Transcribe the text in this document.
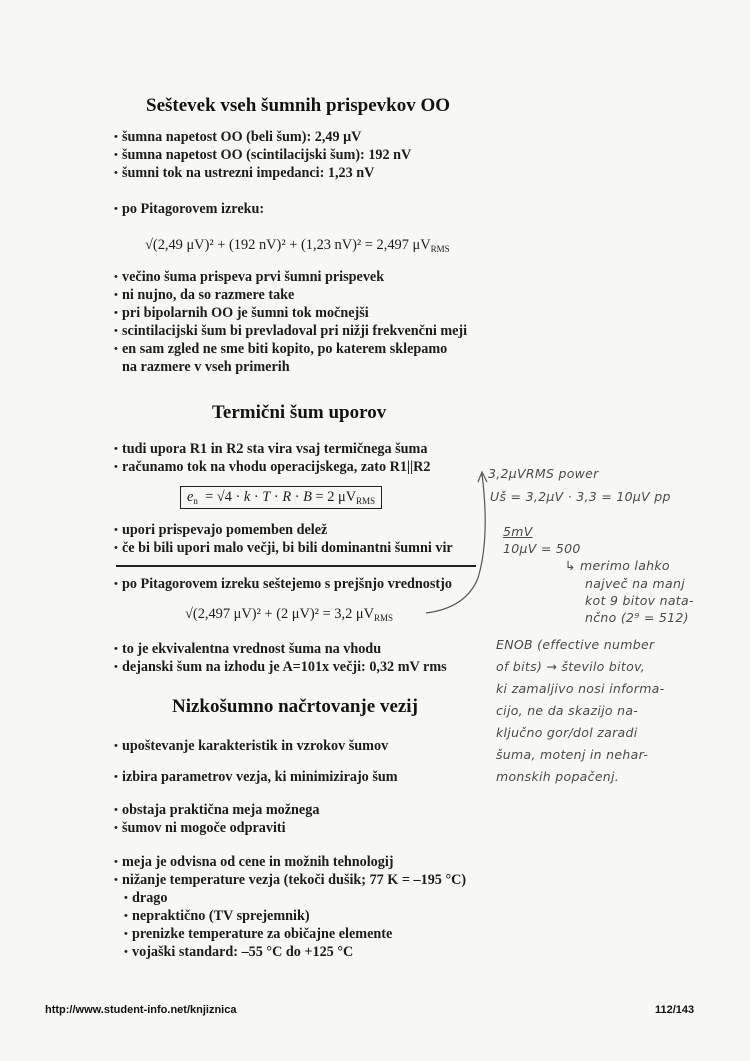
Seštevek vseh šumnih prispevkov OO
• šumna napetost OO (beli šum): 2,49 μV
• šumna napetost OO (scintilacijski šum): 192 nV
• šumni tok na ustrezni impedanci: 1,23 nV
• po Pitagorovem izreku:
√(2,49 μV)² + (192 nV)² + (1,23 nV)² = 2,497 $\mu V_{RMS}$
• večino šuma prispeva prvi šumni prispevek
• ni nujno, da so razmere take
• pri bipolarnih OO je šumni tok močnejši
• scintilacijski šum bi prevladoval pri nižji frekvenčni meji
• en sam zgled ne sme biti kopito, po katerem sklepamo
na razmere v vseh primerih
Termični šum uporov
• tudi upora R1 in R2 sta vira vsaj termičnega šuma
• računamo tok na vhodu operacijskega, zato R1||R2
$e_n = √4 \cdot k \cdot T \cdot R \cdot B = 2$ $\mu V_{RMS}$
• upori prispevajo pomemben delež
• če bi bili upori malo večji, bi bili dominantni šumni vir
• po Pitagorovem izreku seštejemo s prejšnjo vrednostjo
√(2,497 μV)² + (2 μV)² = 3,2 $\mu V_{RMS}$
• to je ekvivalentna vrednost šuma na vhodu
• dejanski šum na izhodu je A=101x večji: 0,32 mV rms
Nizkošumno načrtovanje vezij
• upoštevanje karakteristik in vzrokov šumov
• izbira parametrov vezja, ki minimizirajo šum
• obstaja praktična meja možnega
• šumov ni mogoče odpraviti
• meja je odvisna od cene in možnih tehnologij
• nižanje temperature vezja (tekoči dušik; 77 K = –195 °C)
• drago
• nepraktično (TV sprejemnik)
• prenizke temperature za običajne elemente
• vojaški standard: –55 °C do +125 °C
3,2μVRMS power
Uš = 3,2μV · 3,3 = 10μV pp
5mV
10μV = 500
↳ merimo lahko
največ na manj
kot 9 bitov nata-
nčno (2⁹ = 512)
ENOB (effective number
of bits) → število bitov,
ki zamaljivo nosi informa-
cijo, ne da skazijo na-
ključno gor/dol zaradi
šuma, motenj in nehar-
monskih popačenj.
http://www.student-info.net/knjiznica	112/143
